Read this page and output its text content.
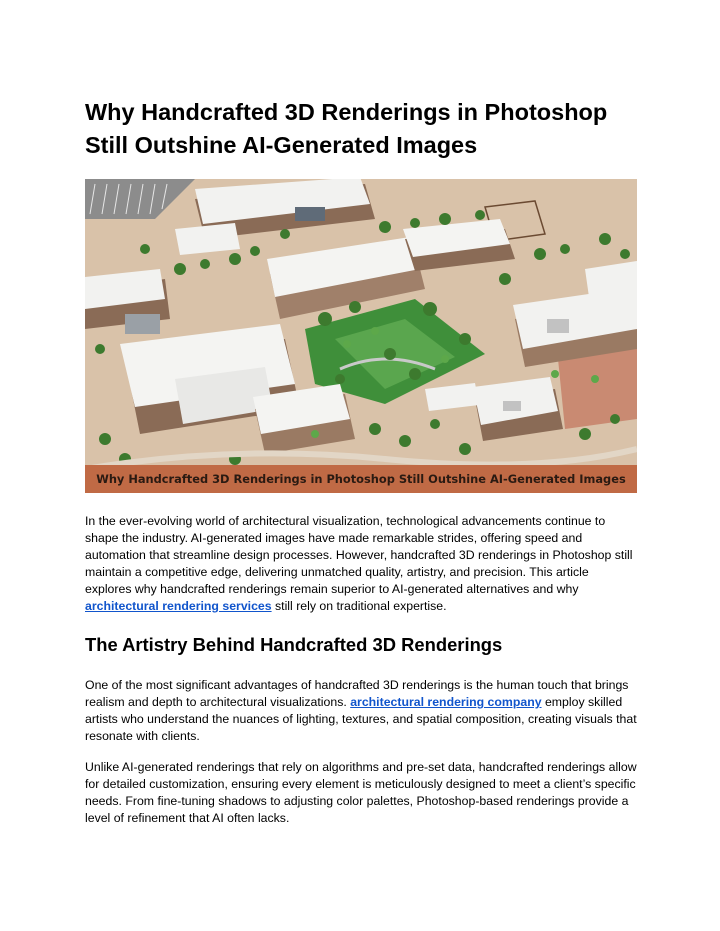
Why Handcrafted 3D Renderings in Photoshop
Still Outshine AI-Generated Images
Why Handcrafted 3D Renderings in Photoshop Still Outshine AI-Generated Images

In the ever-evolving world of architectural visualization, technological advancements continue to shape the industry. AI-generated images have made remarkable strides, offering speed and automation that streamline design processes. However, handcrafted 3D renderings in Photoshop still maintain a competitive edge, delivering unmatched quality, artistry, and precision. This article explores why handcrafted renderings remain superior to AI-generated alternatives and why architectural rendering services still rely on traditional expertise.

The Artistry Behind Handcrafted 3D Renderings

One of the most significant advantages of handcrafted 3D renderings is the human touch that brings realism and depth to architectural visualizations. architectural rendering company employ skilled artists who understand the nuances of lighting, textures, and spatial composition, creating visuals that resonate with clients.

Unlike AI-generated renderings that rely on algorithms and pre-set data, handcrafted renderings allow for detailed customization, ensuring every element is meticulously designed to meet a client’s specific needs. From fine-tuning shadows to adjusting color palettes, Photoshop-based renderings provide a level of refinement that AI often lacks.
